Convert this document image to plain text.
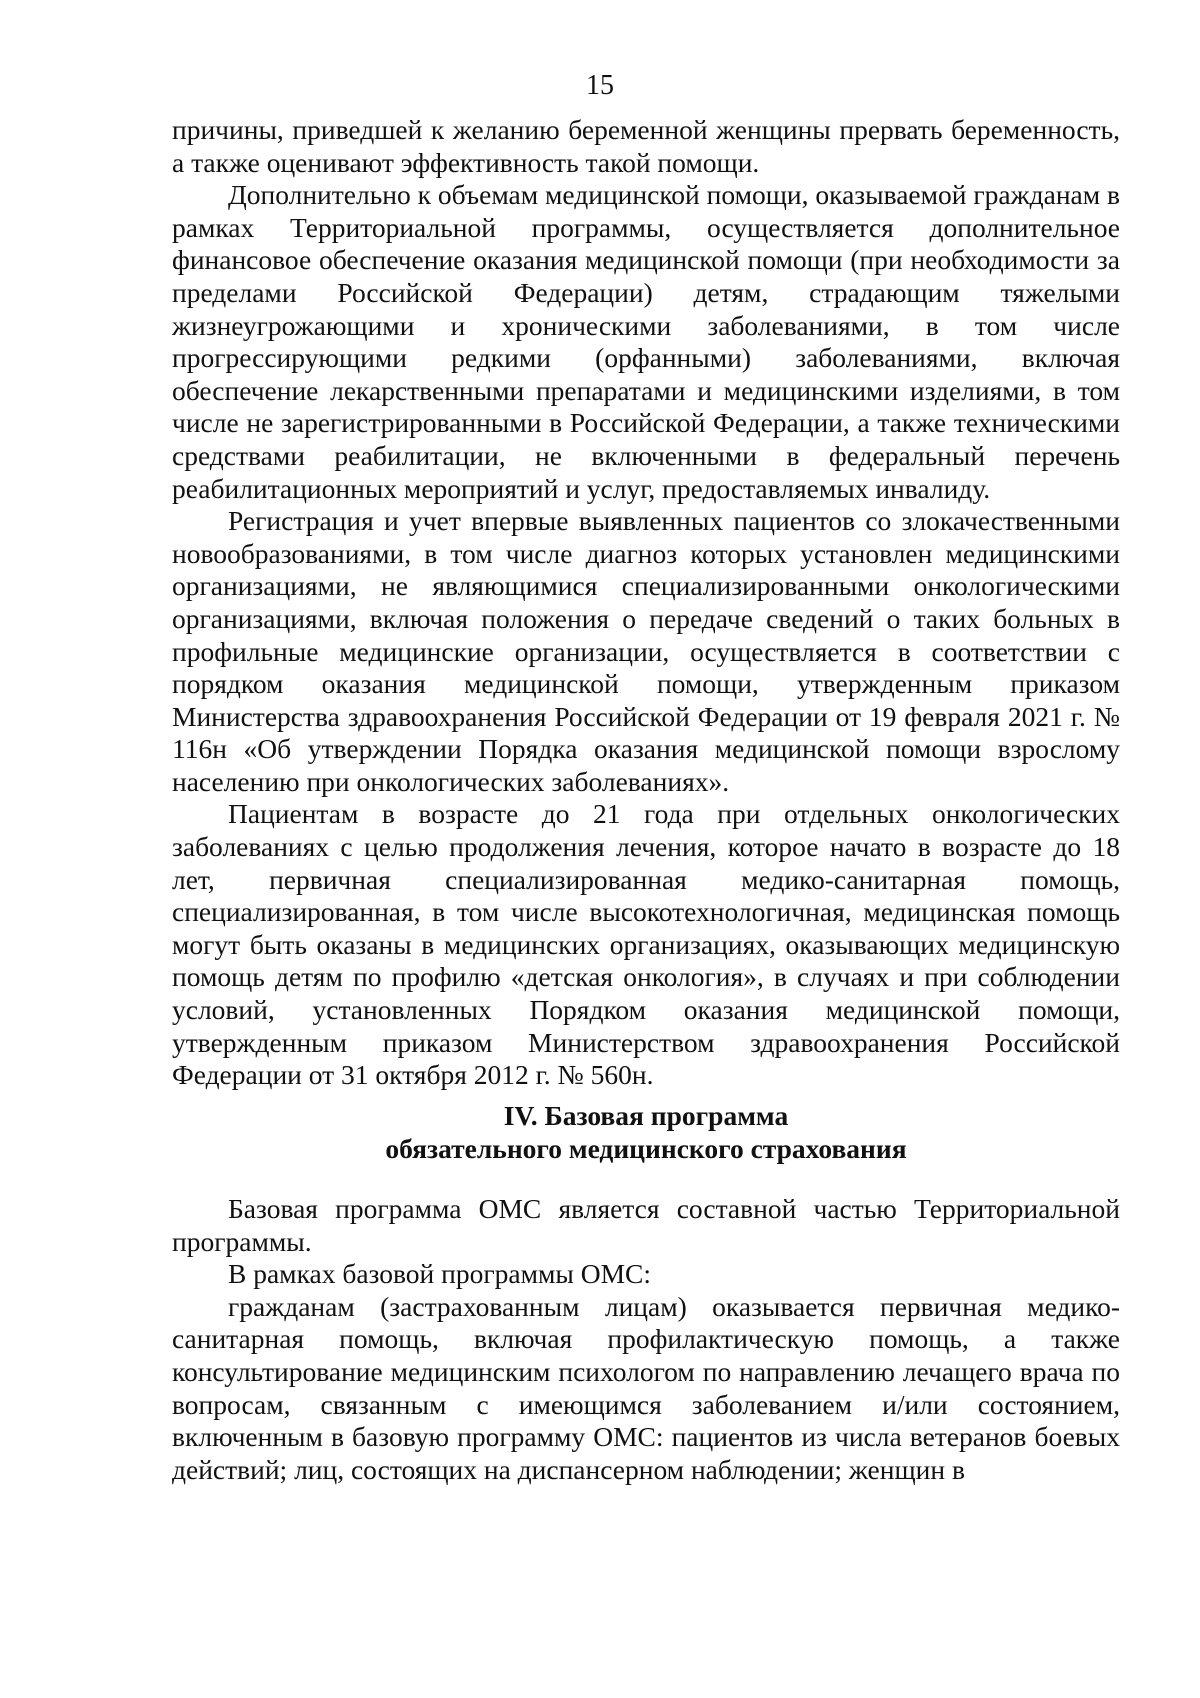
15

причины, приведшей к желанию беременной женщины прервать беременность, а также оценивают эффективность такой помощи.

Дополнительно к объемам медицинской помощи, оказываемой гражданам в рамках Территориальной программы, осуществляется дополнительное финансовое обеспечение оказания медицинской помощи (при необходимости за пределами Российской Федерации) детям, страдающим тяжелыми жизнеугрожающими и хроническими заболеваниями, в том числе прогрессирующими редкими (орфанными) заболеваниями, включая обеспечение лекарственными препаратами и медицинскими изделиями, в том числе не зарегистрированными в Российской Федерации, а также техническими средствами реабилитации, не включенными в федеральный перечень реабилитационных мероприятий и услуг, предоставляемых инвалиду.

Регистрация и учет впервые выявленных пациентов со злокачественными новообразованиями, в том числе диагноз которых установлен медицинскими организациями, не являющимися специализированными онкологическими организациями, включая положения о передаче сведений о таких больных в профильные медицинские организации, осуществляется в соответствии с порядком оказания медицинской помощи, утвержденным приказом Министерства здравоохранения Российской Федерации от 19 февраля 2021 г. № 116н «Об утверждении Порядка оказания медицинской помощи взрослому населению при онкологических заболеваниях».

Пациентам в возрасте до 21 года при отдельных онкологических заболеваниях с целью продолжения лечения, которое начато в возрасте до 18 лет, первичная специализированная медико-санитарная помощь, специализированная, в том числе высокотехнологичная, медицинская помощь могут быть оказаны в медицинских организациях, оказывающих медицинскую помощь детям по профилю «детская онкология», в случаях и при соблюдении условий, установленных Порядком оказания медицинской помощи, утвержденным приказом Министерством здравоохранения Российской Федерации от 31 октября 2012 г. № 560н.

IV. Базовая программа
обязательного медицинского страхования

Базовая программа ОМС является составной частью Территориальной программы.

В рамках базовой программы ОМС:

гражданам (застрахованным лицам) оказывается первичная медико-санитарная помощь, включая профилактическую помощь, а также консультирование медицинским психологом по направлению лечащего врача по вопросам, связанным с имеющимся заболеванием и/или состоянием, включенным в базовую программу ОМС: пациентов из числа ветеранов боевых действий; лиц, состоящих на диспансерном наблюдении; женщин в
